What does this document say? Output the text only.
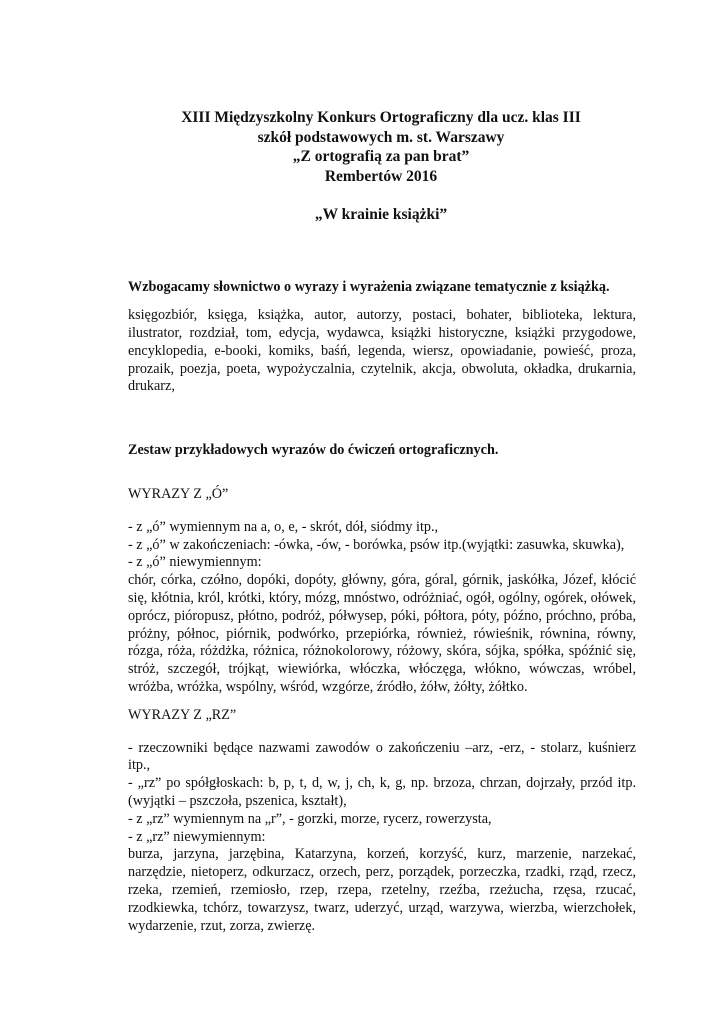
XIII Międzyszkolny Konkurs Ortograficzny dla ucz. klas III
szkół podstawowych m. st. Warszawy
„Z ortografią za pan brat”
Rembertów 2016
„W krainie książki”

Wzbogacamy słownictwo o wyrazy i wyrażenia związane tematycznie z książką.

księgozbiór, księga, książka, autor, autorzy, postaci, bohater, biblioteka, lektura, ilustrator, rozdział, tom, edycja, wydawca, książki historyczne, książki przygodowe, encyklopedia, e-booki, komiks, baśń, legenda, wiersz, opowiadanie, powieść, proza, prozaik, poezja, poeta, wypożyczalnia, czytelnik, akcja, obwoluta, okładka, drukarnia, drukarz,

Zestaw przykładowych wyrazów do ćwiczeń ortograficznych.

WYRAZY Z „Ó”

- z „ó” wymiennym na a, o, e, - skrót, dół, siódmy itp.,

- z „ó” w zakończeniach: -ówka, -ów, - borówka, psów itp.(wyjątki: zasuwka, skuwka),

- z „ó” niewymiennym:

chór, córka, czółno, dopóki, dopóty, główny, góra, góral, górnik, jaskółka, Józef, kłócić się, kłótnia, król, krótki, który, mózg, mnóstwo, odróżniać, ogół, ogólny, ogórek, ołówek, oprócz, pióropusz, płótno, podróż, półwysep, póki, półtora, póty, późno, próchno, próba, próżny, północ, piórnik, podwórko, przepiórka, również, rówieśnik, równina, równy, rózga, róża, różdżka, różnica, różnokolorowy, różowy, skóra, sójka, spółka, spóźnić się, stróż, szczegół, trójkąt, wiewiórka, włóczka, włóczęga, włókno, wówczas, wróbel, wróżba, wróżka, wspólny, wśród, wzgórze, źródło, żółw, żółty, żółtko.

WYRAZY Z „RZ”

- rzeczowniki będące nazwami zawodów o zakończeniu –arz, -erz, - stolarz, kuśnierz itp.,

- „rz” po spółgłoskach: b, p, t, d, w, j, ch, k, g, np. brzoza, chrzan, dojrzały, przód itp. (wyjątki – pszczoła, pszenica, kształt),

- z „rz” wymiennym na „r”, - gorzki, morze, rycerz, rowerzysta,

- z „rz” niewymiennym:

burza, jarzyna, jarzębina, Katarzyna, korzeń, korzyść, kurz, marzenie, narzekać, narzędzie, nietoperz, odkurzacz, orzech, perz, porządek, porzeczka, rzadki, rząd, rzecz, rzeka, rzemień, rzemiosło, rzep, rzepa, rzetelny, rzeźba, rzeżucha, rzęsa, rzucać, rzodkiewka, tchórz, towarzysz, twarz, uderzyć, urząd, warzywa, wierzba, wierzchołek, wydarzenie, rzut, zorza, zwierzę.
